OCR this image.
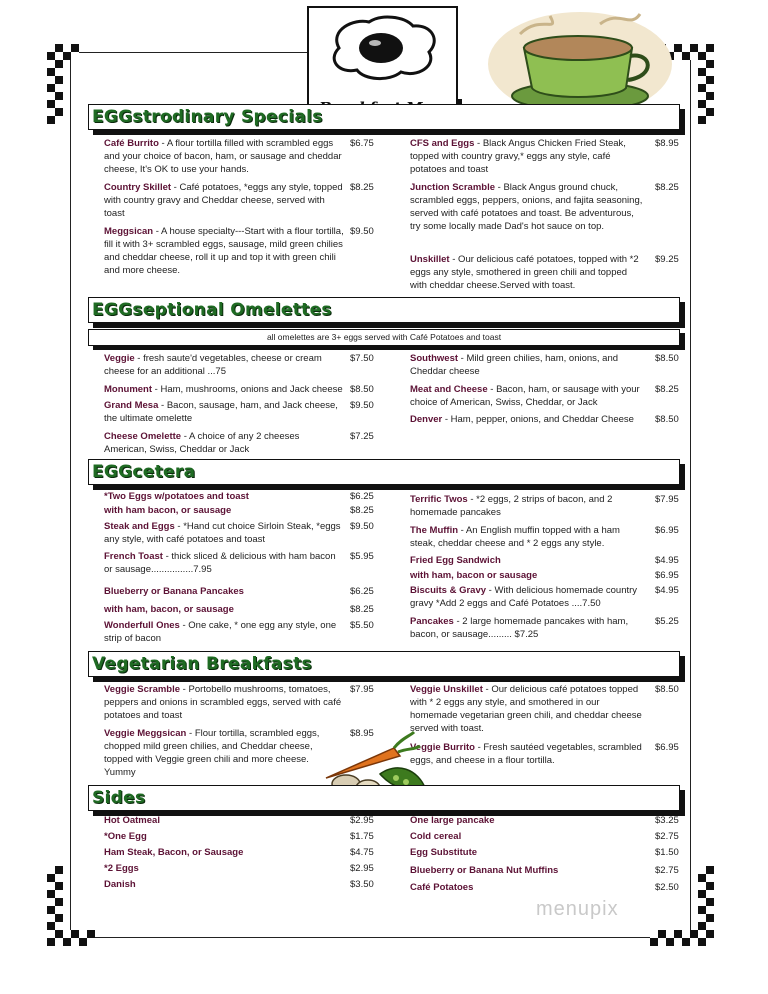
EGGstrodinary Specials
Café Burrito - A flour tortilla filled with scrambled eggs and your choice of bacon, ham, or sausage and cheddar cheese, It's OK to use your hands.
$6.75
Country Skillet - Café potatoes, *eggs any style, topped with country gravy and Cheddar cheese, served with toast
$8.25
Meggsican - A house specialty---Start with a flour tortilla, fill it with 3+ scrambled eggs, sausage, mild green chilies and cheddar cheese, roll it up and top it with green chili and more cheese.
$9.50
CFS and Eggs - Black Angus Chicken Fried Steak, topped with country gravy,* eggs any style, café potatoes and toast
$8.95
Junction Scramble - Black Angus ground chuck, scrambled eggs, peppers, onions, and fajita seasoning, served with café potatoes and toast. Be adventurous, try some locally made Dad's hot sauce on top.
$8.25
Unskillet - Our delicious café potatoes, topped with *2 eggs any style, smothered in green chili and topped with cheddar cheese.Served with toast.
$9.25
EGGseptional Omelettes
all omelettes are 3+ eggs served with Café Potatoes and toast
Veggie - fresh saute'd vegetables, cheese or cream cheese for an additional ...75
$7.50
Monument - Ham, mushrooms, onions and Jack cheese $8.50
Grand Mesa - Bacon, sausage, ham, and Jack cheese, the ultimate omelette
$9.50
Cheese Omelette - A choice of any 2 cheeses American, Swiss, Cheddar or Jack
$7.25
Southwest - Mild green chilies, ham, onions, and Cheddar cheese
$8.50
Meat and Cheese - Bacon, ham, or sausage with your choice of American, Swiss, Cheddar, or Jack
$8.25
Denver - Ham, pepper, onions, and Cheddar Cheese	$8.50
EGGcetera
*Two Eggs w/potatoes and toast	$6.25
with ham bacon, or sausage	$8.25
Steak and Eggs - *Hand cut choice Sirloin Steak, *eggs any style, with café potatoes and toast
$9.50
French Toast - thick sliced & delicious with ham bacon or sausage................7.95
$5.95
Blueberry or Banana Pancakes	$6.25
with ham, bacon, or sausage	$8.25
Wonderfull Ones - One cake, * one egg any style, one strip of bacon
$5.50
Terrific Twos - *2 eggs, 2 strips of bacon, and 2 homemade pancakes
$7.95
The Muffin - An English muffin topped with a ham steak, cheddar cheese and * 2 eggs any style.
$6.95
Fried Egg Sandwich	$4.95
with ham, bacon or sausage	$6.95
Biscuits & Gravy - With delicious homemade country gravy *Add 2 eggs and Café Potatoes ....7.50
$4.95
Pancakes - 2 large homemade pancakes with ham, bacon, or sausage......... $7.25
$5.25
Vegetarian Breakfasts
Veggie Scramble - Portobello mushrooms, tomatoes, peppers and onions in scrambled eggs, served with café potatoes and toast
$7.95
Veggie Meggsican - Flour tortilla, scrambled eggs, chopped mild green chilies, and Cheddar cheese, topped with Veggie green chili and more cheese. Yummy
$8.95
Veggie Unskillet - Our delicious café potatoes topped with * 2 eggs any style, and smothered in our homemade vegetarian green chili, and cheddar cheese served with toast.
$8.50
Veggie Burrito - Fresh sautéed vegetables, scrambled eggs, and cheese in a flour tortilla.
$6.95
Sides
Hot Oatmeal	$2.95
*One Egg	$1.75
Ham Steak, Bacon, or Sausage	$4.75
*2 Eggs	$2.95
Danish	$3.50
One large pancake	$3.25
Cold cereal	$2.75
Egg Substitute	$1.50
Blueberry or Banana Nut Muffins	$2.75
Café Potatoes	$2.50
menupix
